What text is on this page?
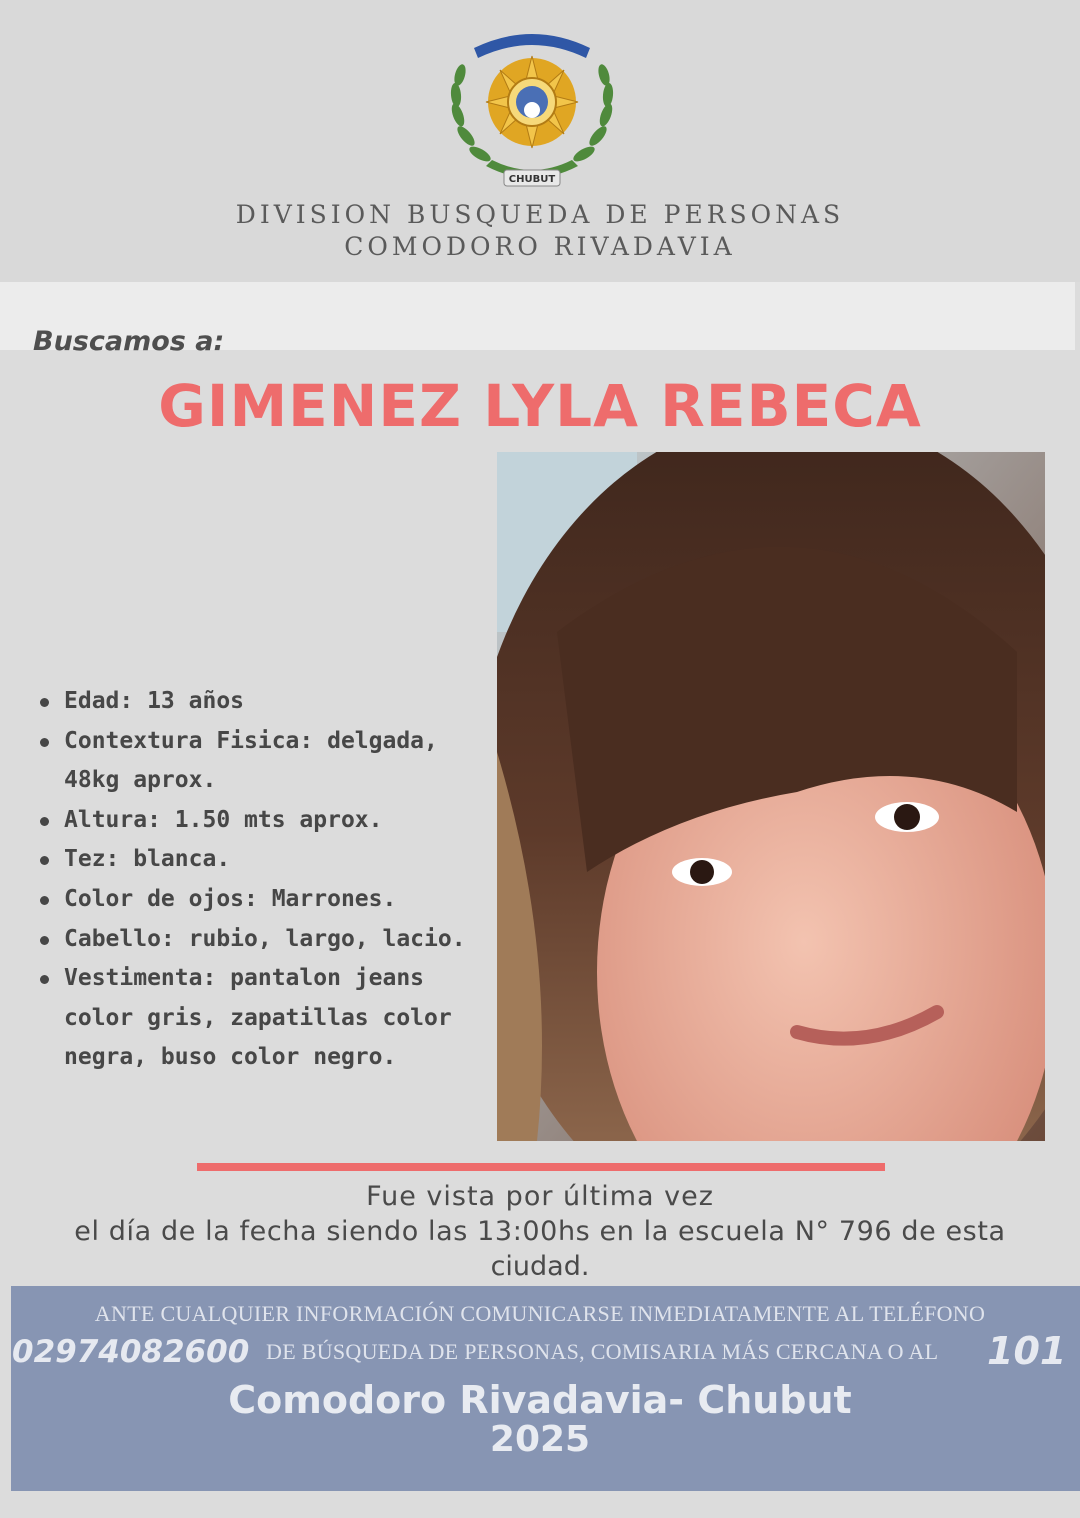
CHUBUT
DIVISION BUSQUEDA DE PERSONAS
COMODORO RIVADAVIA
Buscamos a:
GIMENEZ LYLA REBECA
Edad: 13 años
Contextura Fisica: delgada, 48kg aprox.
Altura: 1.50 mts aprox.
Tez: blanca.
Color de ojos: Marrones.
Cabello: rubio, largo, lacio.
Vestimenta: pantalon jeans color gris, zapatillas color negra, buso color negro.
Fue vista por última vez
el día de la fecha siendo las 13:00hs en la escuela N° 796 de esta
ciudad.
ANTE CUALQUIER INFORMACIÓN COMUNICARSE INMEDIATAMENTE AL TELÉFONO
02974082600 DE BÚSQUEDA DE PERSONAS, COMISARIA MÁS CERCANA O AL 101
Comodoro Rivadavia- Chubut
2025
